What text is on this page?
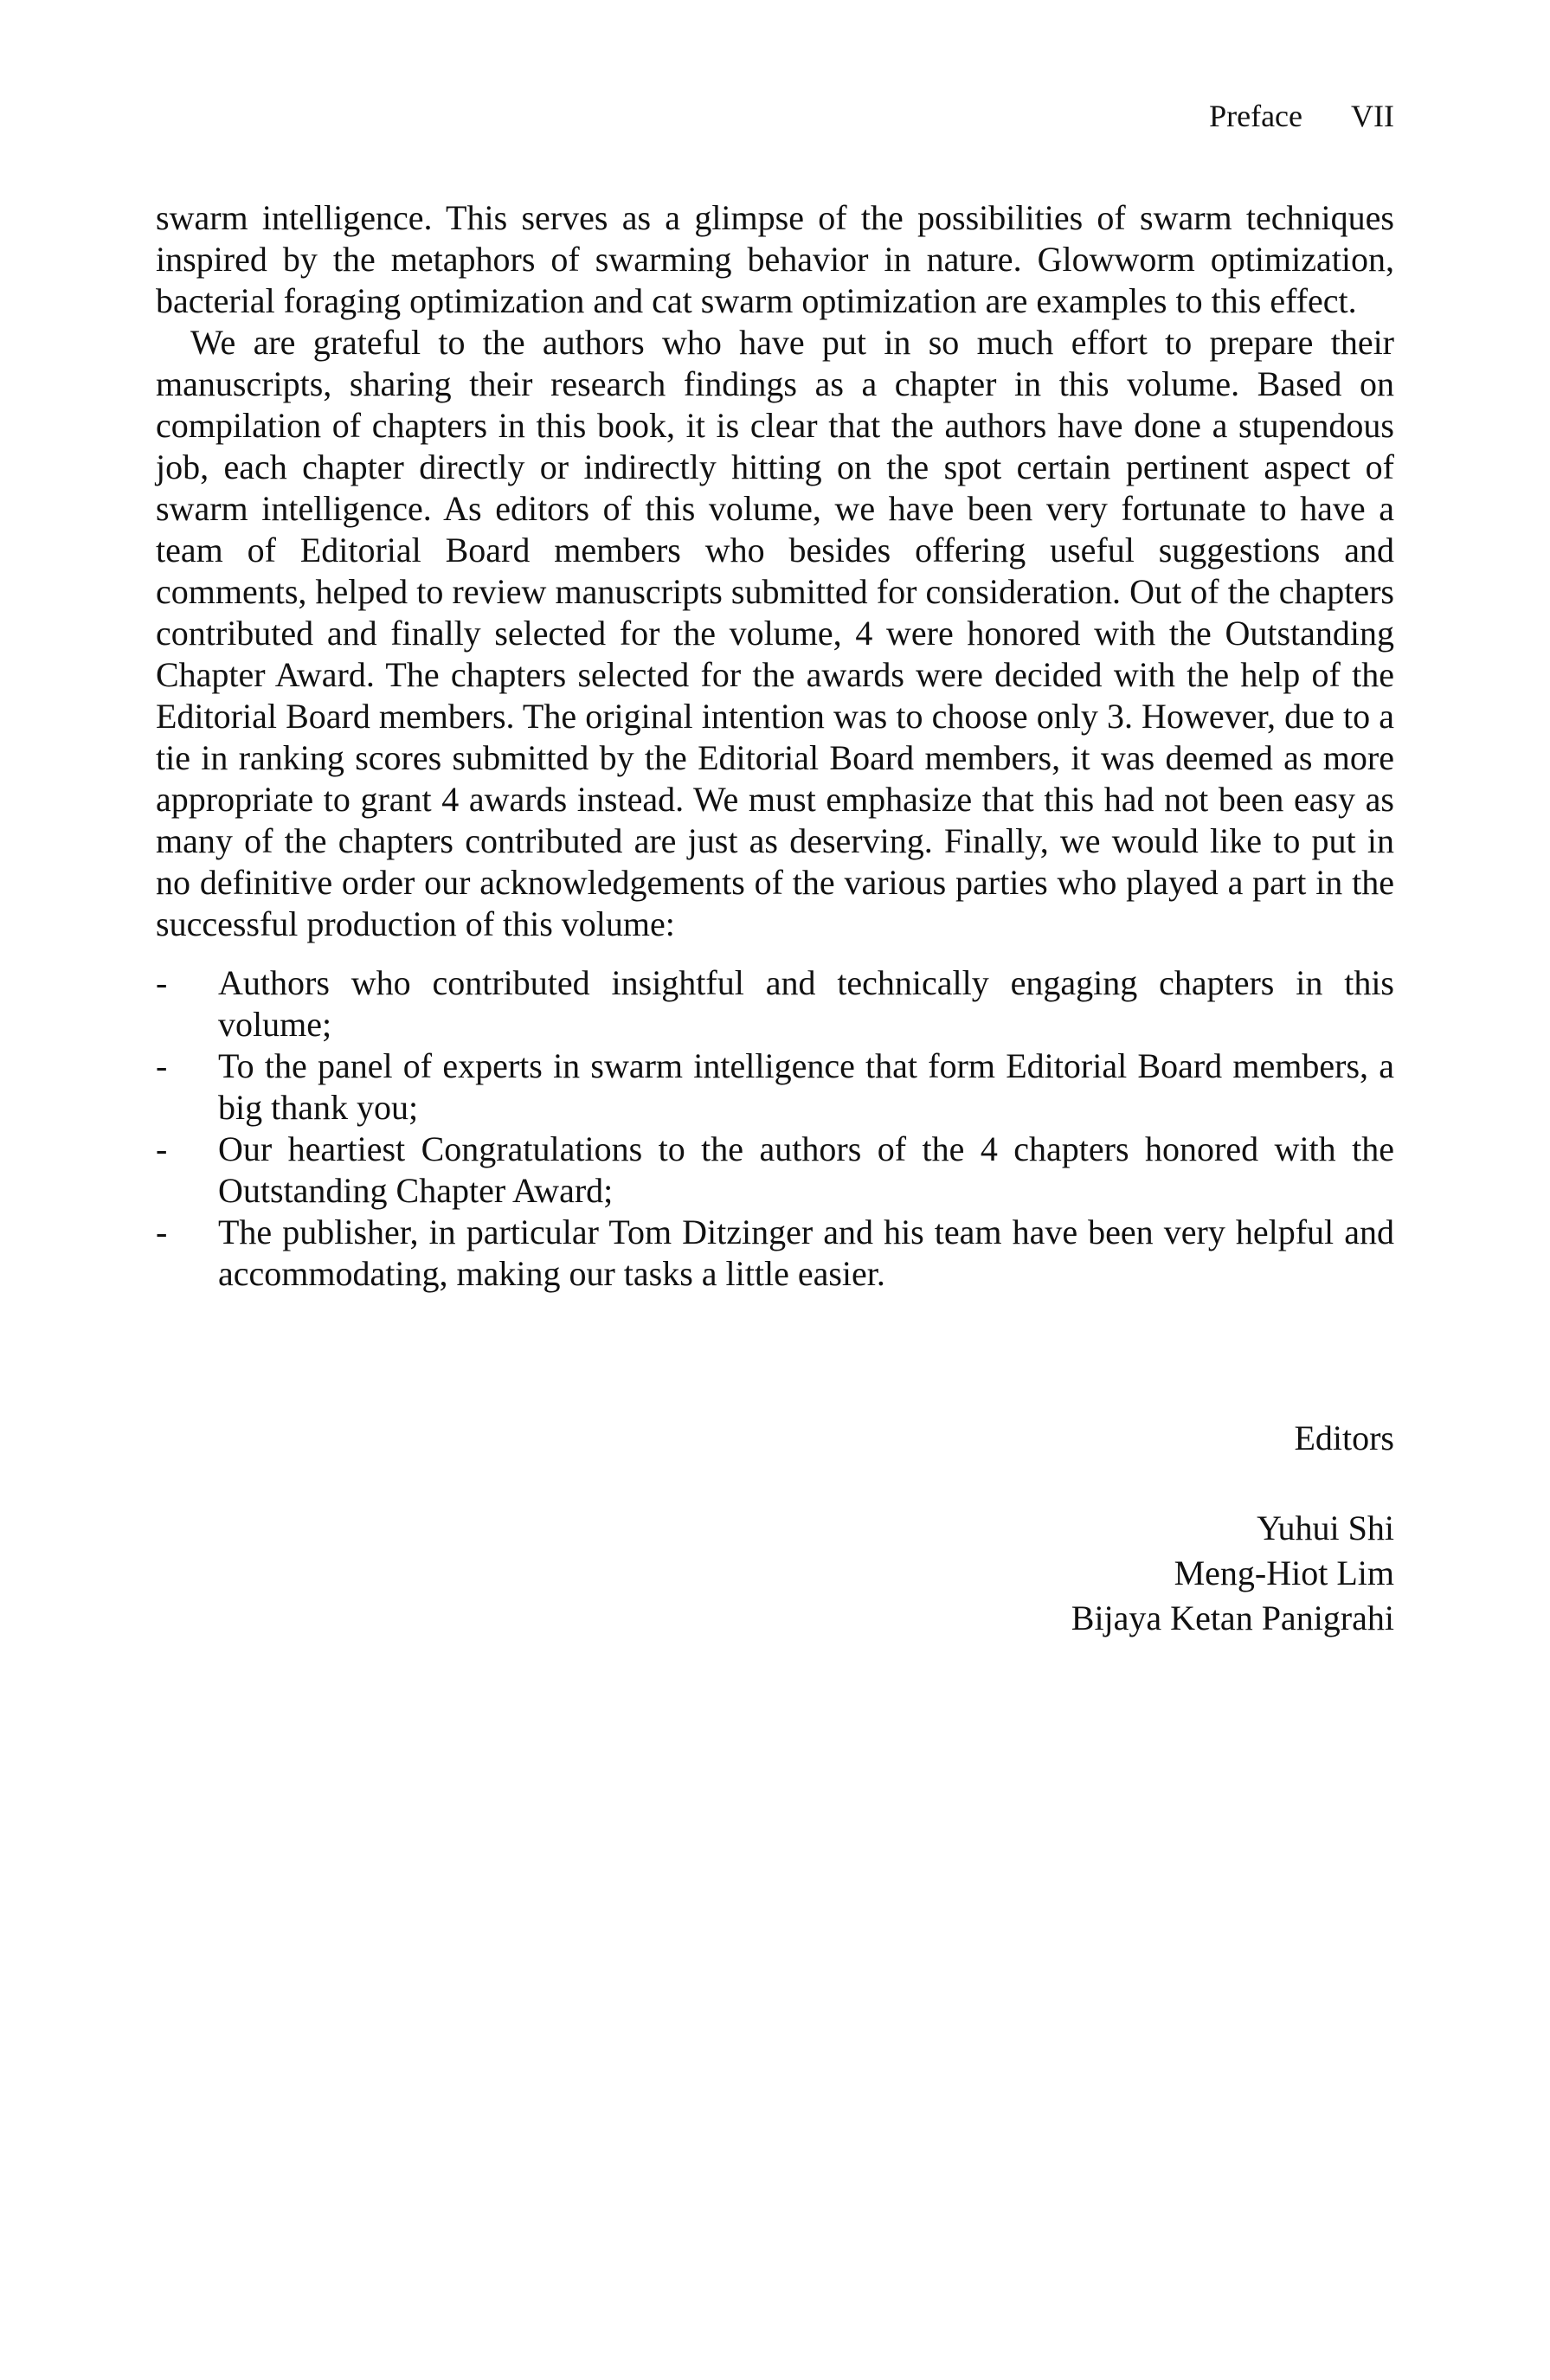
Preface VII

swarm intelligence. This serves as a glimpse of the possibilities of swarm techniques inspired by the metaphors of swarming behavior in nature. Glowworm optimization, bacterial foraging optimization and cat swarm optimization are examples to this effect.

We are grateful to the authors who have put in so much effort to prepare their manuscripts, sharing their research findings as a chapter in this volume. Based on compilation of chapters in this book, it is clear that the authors have done a stupendous job, each chapter directly or indirectly hitting on the spot certain pertinent aspect of swarm intelligence. As editors of this volume, we have been very fortunate to have a team of Editorial Board members who besides offering useful suggestions and comments, helped to review manuscripts submitted for consideration. Out of the chapters contributed and finally selected for the volume, 4 were honored with the Outstanding Chapter Award. The chapters selected for the awards were decided with the help of the Editorial Board members. The original intention was to choose only 3. However, due to a tie in ranking scores submitted by the Editorial Board members, it was deemed as more appropriate to grant 4 awards instead. We must emphasize that this had not been easy as many of the chapters contributed are just as deserving. Finally, we would like to put in no definitive order our acknowledgements of the various parties who played a part in the successful production of this volume:

- Authors who contributed insightful and technically engaging chapters in this volume;
- To the panel of experts in swarm intelligence that form Editorial Board members, a big thank you;
- Our heartiest Congratulations to the authors of the 4 chapters honored with the Outstanding Chapter Award;
- The publisher, in particular Tom Ditzinger and his team have been very helpful and accommodating, making our tasks a little easier.
Editors
Yuhui Shi
Meng-Hiot Lim
Bijaya Ketan Panigrahi
